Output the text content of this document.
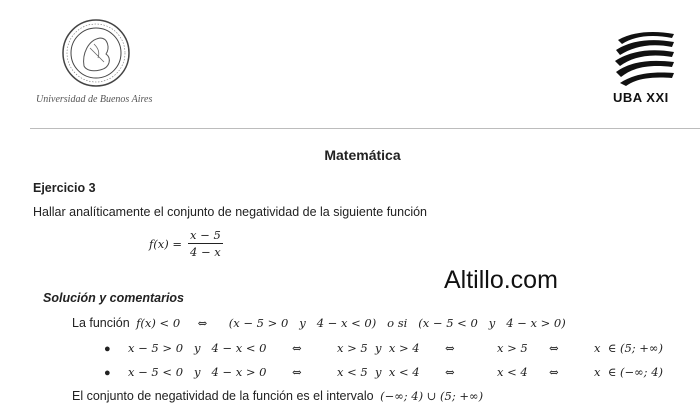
Universidad de Buenos Aires	UBA XXI
Matemática
Ejercicio 3
Hallar analíticamente el conjunto de negatividad de la siguiente función
$f(x) = \frac{x - 5}{4 - x}$
Altillo.com
Solución y comentarios
La función f(x) < 0 ⇔ (x − 5 > 0   y   4 − x < 0)   o si   (x − 5 < 0   y   4 − x > 0)
● x − 5 > 0   y   4 − x < 0 ⇔	x > 5  y  x > 4 ⇔	x > 5 ⇔	x  ∈ (5; +∞)
● x − 5 < 0   y   4 − x > 0 ⇔	x < 5  y  x < 4 ⇔	x < 4 ⇔	x  ∈ (−∞; 4)
El conjunto de negatividad de la función es el intervalo (−∞; 4) ∪ (5; +∞)
